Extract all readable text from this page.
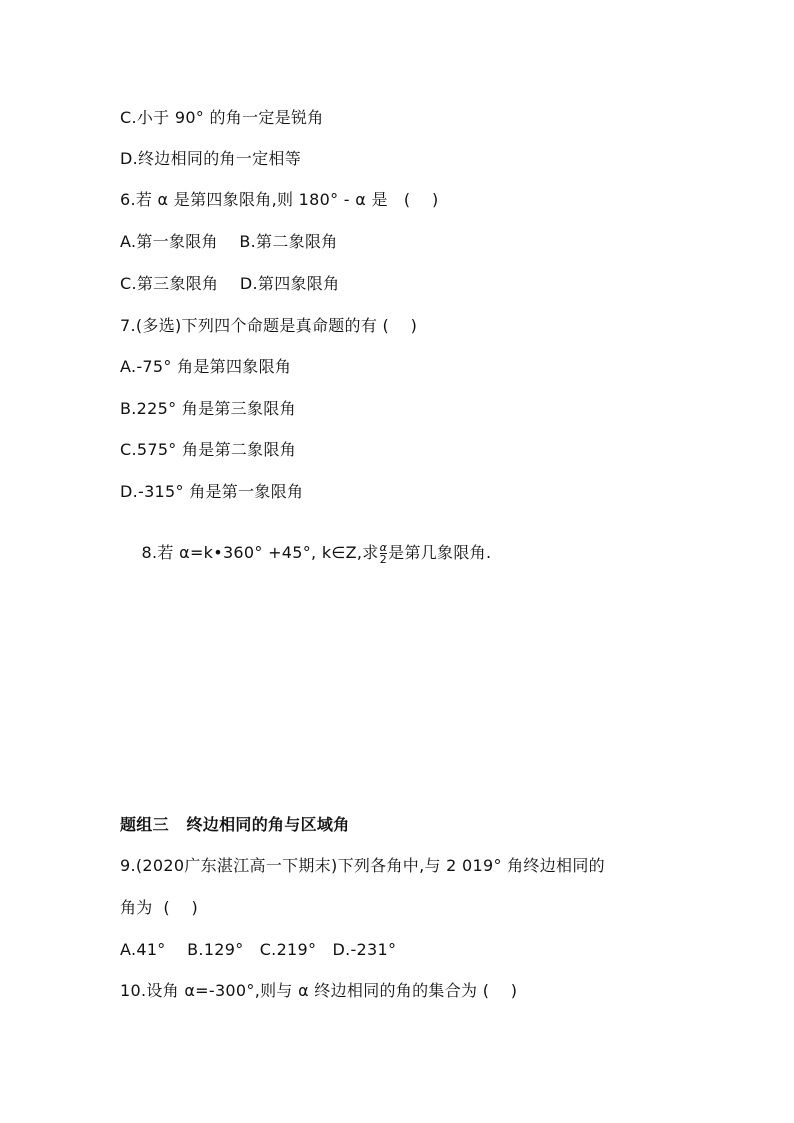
C.小于 90° 的角一定是锐角
D.终边相同的角一定相等
6.若 α 是第四象限角,则 180° - α 是   (    )
A.第一象限角    B.第二象限角
C.第三象限角    D.第四象限角
7.(多选)下列四个命题是真命题的有 (    )
A.-75° 角是第四象限角
B.225° 角是第三象限角
C.575° 角是第二象限角
D.-315° 角是第一象限角

8.若 α=k•360° +45°, k∈Z,求 $\frac{\alpha}{2}$ 是第几象限角.

题组三   终边相同的角与区域角
9.(2020广东湛江高一下期末)下列各角中,与 2 019° 角终边相同的
角为  (    )
A.41°    B.129°   C.219°   D.-231°
10.设角 α=-300°,则与 α 终边相同的角的集合为 (    )
